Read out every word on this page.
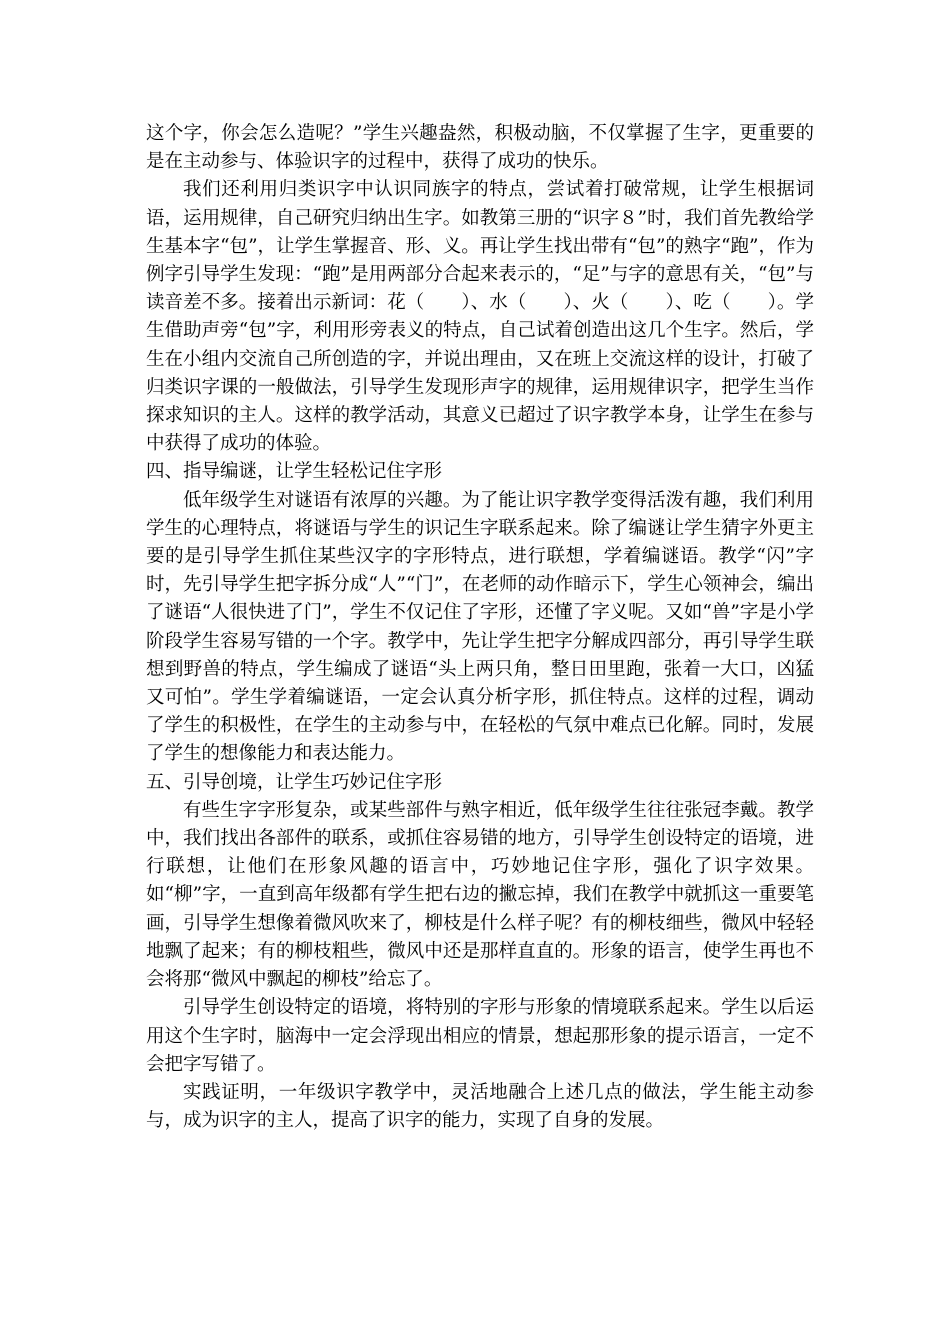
这个字，你会怎么造呢？”学生兴趣盎然，积极动脑，不仅掌握了生字，更重要的是在主动参与、体验识字的过程中，获得了成功的快乐。

我们还利用归类识字中认识同族字的特点，尝试着打破常规，让学生根据词语，运用规律，自己研究归纳出生字。如教第三册的“识字８”时，我们首先教给学生基本字“包”，让学生掌握音、形、义。再让学生找出带有“包”的熟字“跑”，作为例字引导学生发现：“跑”是用两部分合起来表示的，“足”与字的意思有关，“包”与读音差不多。接着出示新词：花（　　）、水（　　）、火（　　）、吃（　　）。学生借助声旁“包”字，利用形旁表义的特点，自己试着创造出这几个生字。然后，学生在小组内交流自己所创造的字，并说出理由，又在班上交流这样的设计，打破了归类识字课的一般做法，引导学生发现形声字的规律，运用规律识字，把学生当作探求知识的主人。这样的教学活动，其意义已超过了识字教学本身，让学生在参与中获得了成功的体验。

四、指导编谜，让学生轻松记住字形

低年级学生对谜语有浓厚的兴趣。为了能让识字教学变得活泼有趣，我们利用学生的心理特点，将谜语与学生的识记生字联系起来。除了编谜让学生猜字外更主要的是引导学生抓住某些汉字的字形特点，进行联想，学着编谜语。教学“闪”字时，先引导学生把字拆分成“人”“门”，在老师的动作暗示下，学生心领神会，编出了谜语“人很快进了门”，学生不仅记住了字形，还懂了字义呢。又如“兽”字是小学阶段学生容易写错的一个字。教学中，先让学生把字分解成四部分，再引导学生联想到野兽的特点，学生编成了谜语“头上两只角，整日田里跑，张着一大口，凶猛又可怕”。学生学着编谜语，一定会认真分析字形，抓住特点。这样的过程，调动了学生的积极性，在学生的主动参与中，在轻松的气氛中难点已化解。同时，发展了学生的想像能力和表达能力。

五、引导创境，让学生巧妙记住字形

有些生字字形复杂，或某些部件与熟字相近，低年级学生往往张冠李戴。教学中，我们找出各部件的联系，或抓住容易错的地方，引导学生创设特定的语境，进行联想，让他们在形象风趣的语言中，巧妙地记住字形，强化了识字效果。如“柳”字，一直到高年级都有学生把右边的撇忘掉，我们在教学中就抓这一重要笔画，引导学生想像着微风吹来了，柳枝是什么样子呢？有的柳枝细些，微风中轻轻地飘了起来；有的柳枝粗些，微风中还是那样直直的。形象的语言，使学生再也不会将那“微风中飘起的柳枝”给忘了。

引导学生创设特定的语境，将特别的字形与形象的情境联系起来。学生以后运用这个生字时，脑海中一定会浮现出相应的情景，想起那形象的提示语言，一定不会把字写错了。

实践证明，一年级识字教学中，灵活地融合上述几点的做法，学生能主动参与，成为识字的主人，提高了识字的能力，实现了自身的发展。
